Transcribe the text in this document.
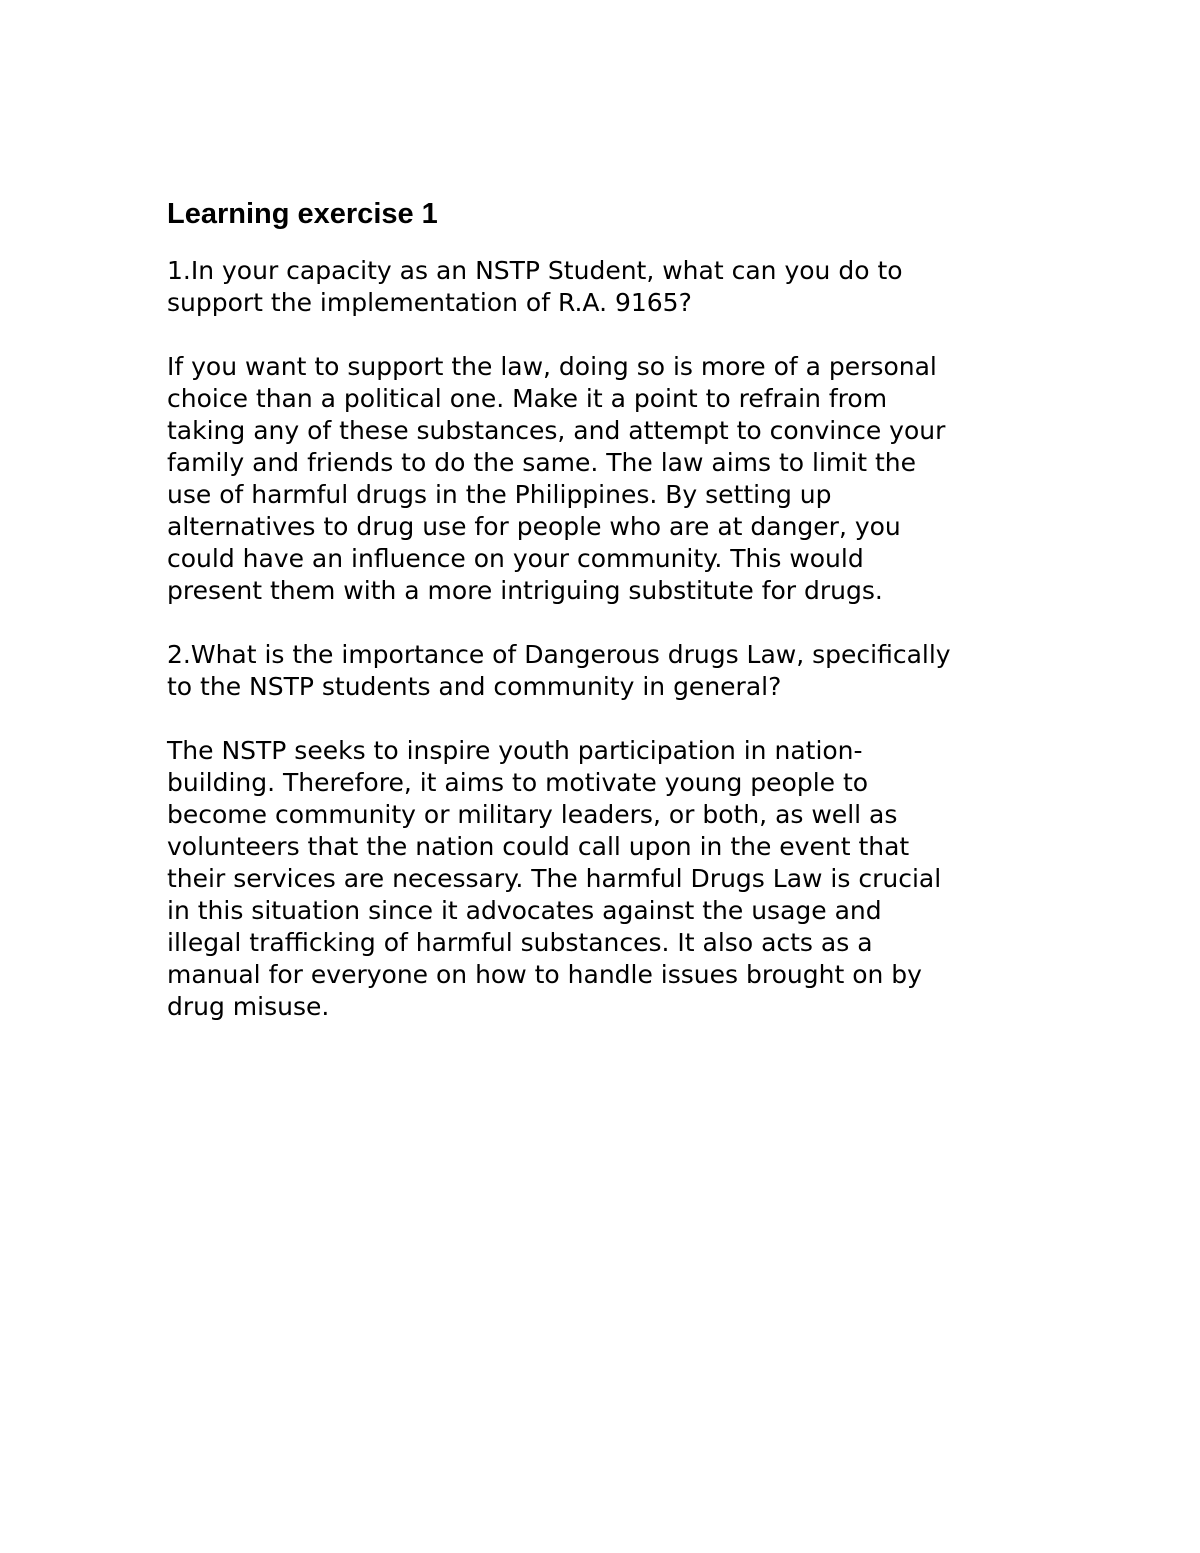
Learning exercise 1

1.In your capacity as an NSTP Student, what can you do to
support the implementation of R.A. 9165?

If you want to support the law, doing so is more of a personal
choice than a political one. Make it a point to refrain from
taking any of these substances, and attempt to convince your
family and friends to do the same. The law aims to limit the
use of harmful drugs in the Philippines. By setting up
alternatives to drug use for people who are at danger, you
could have an influence on your community. This would
present them with a more intriguing substitute for drugs.

2.What is the importance of Dangerous drugs Law, specifically
to the NSTP students and community in general?

The NSTP seeks to inspire youth participation in nation-
building. Therefore, it aims to motivate young people to
become community or military leaders, or both, as well as
volunteers that the nation could call upon in the event that
their services are necessary. The harmful Drugs Law is crucial
in this situation since it advocates against the usage and
illegal trafficking of harmful substances. It also acts as a
manual for everyone on how to handle issues brought on by
drug misuse.
